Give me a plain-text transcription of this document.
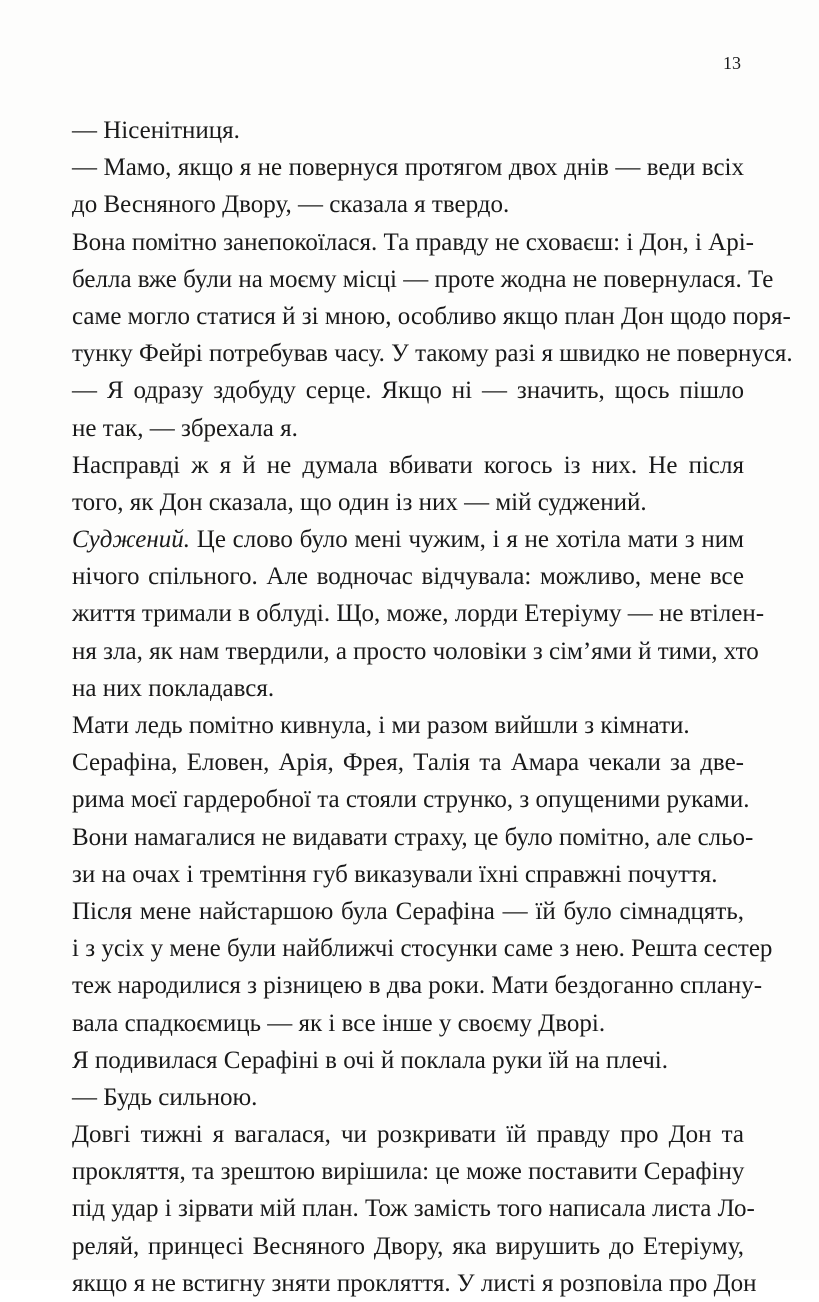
13
— Нісенітниця.
— Мамо, якщо я не повернуся протягом двох днів — веди всіх
до Весняного Двору, — сказала я твердо.
Вона помітно занепокоїлася. Та правду не сховаєш: і Дон, і Арі-
белла вже були на моєму місці — проте жодна не повернулася. Те
саме могло статися й зі мною, особливо якщо план Дон щодо поря-
тунку Фейрі потребував часу. У такому разі я швидко не повернуся.
— Я одразу здобуду серце. Якщо ні — значить, щось пішло
не так, — збрехала я.
Насправді ж я й не думала вбивати когось із них. Не після
того, як Дон сказала, що один із них — мій суджений.
Суджений. Це слово було мені чужим, і я не хотіла мати з ним
нічого спільного. Але водночас відчувала: можливо, мене все
життя тримали в облуді. Що, може, лорди Етеріуму — не втілен-
ня зла, як нам твердили, а просто чоловіки з сім’ями й тими, хто
на них покладався.
Мати ледь помітно кивнула, і ми разом вийшли з кімнати.
Серафіна, Еловен, Арія, Фрея, Талія та Амара чекали за две-
рима моєї гардеробної та стояли струнко, з опущеними руками.
Вони намагалися не видавати страху, це було помітно, але сльо-
зи на очах і тремтіння губ виказували їхні справжні почуття.
Після мене найстаршою була Серафіна — їй було сімнадцять,
і з усіх у мене були найближчі стосунки саме з нею. Решта сестер
теж народилися з різницею в два роки. Мати бездоганно сплану-
вала спадкоємиць — як і все інше у своєму Дворі.
Я подивилася Серафіні в очі й поклала руки їй на плечі.
— Будь сильною.
Довгі тижні я вагалася, чи розкривати їй правду про Дон та
прокляття, та зрештою вирішила: це може поставити Серафіну
під удар і зірвати мій план. Тож замість того написала листа Ло-
реляй, принцесі Весняного Двору, яка вирушить до Етеріуму,
якщо я не встигну зняти прокляття. У листі я розповіла про Дон
